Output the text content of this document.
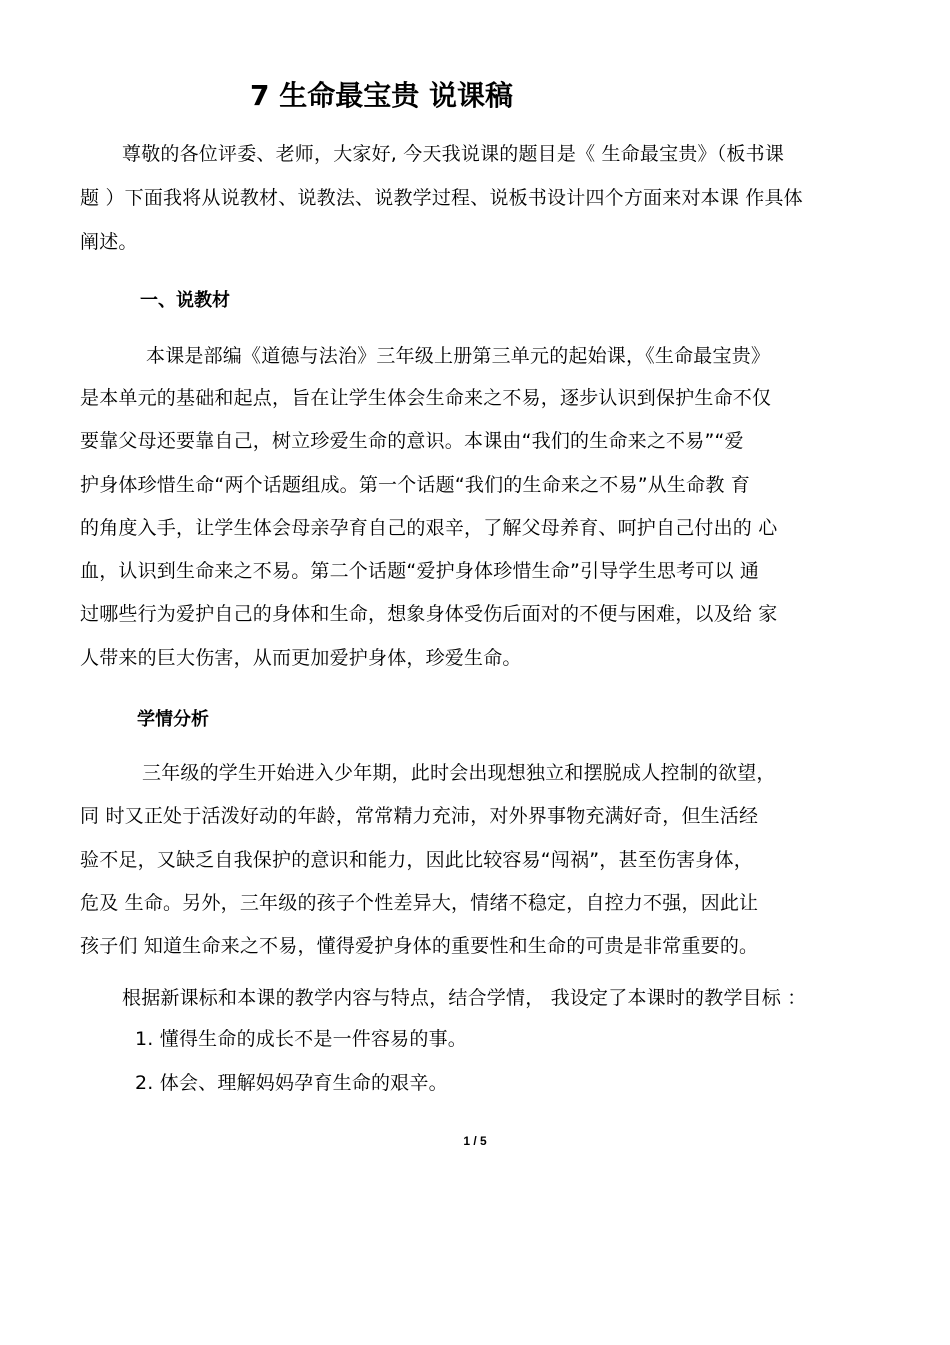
7 生命最宝贵 说课稿
尊敬的各位评委、老师，大家好, 今天我说课的题目是《 生命最宝贵》（板书课
题 ）下面我将从说教材、说教法、说教学过程、说板书设计四个方面来对本课 作具体
阐述。
一、说教材
本课是部编《道德与法治》三年级上册第三单元的起始课，《生命最宝贵》
是本单元的基础和起点，旨在让学生体会生命来之不易，逐步认识到保护生命不仅
要靠父母还要靠自己，树立珍爱生命的意识。本课由“我们的生命来之不易”“爱
护身体珍惜生命“两个话题组成。第一个话题“我们的生命来之不易”从生命教 育
的角度入手，让学生体会母亲孕育自己的艰辛，了解父母养育、呵护自己付出的 心
血，认识到生命来之不易。第二个话题“爱护身体珍惜生命”引导学生思考可以 通
过哪些行为爱护自己的身体和生命，想象身体受伤后面对的不便与困难，以及给 家
人带来的巨大伤害，从而更加爱护身体，珍爱生命。
学情分析
三年级的学生开始进入少年期，此时会出现想独立和摆脱成人控制的欲望，
同 时又正处于活泼好动的年龄，常常精力充沛，对外界事物充满好奇，但生活经
验不足，又缺乏自我保护的意识和能力，因此比较容易“闯祸”，甚至伤害身体，
危及 生命。另外，三年级的孩子个性差异大，情绪不稳定，自控力不强，因此让
孩子们 知道生命来之不易，懂得爱护身体的重要性和生命的可贵是非常重要的。
根据新课标和本课的教学内容与特点，结合学情， 我设定了本课时的教学目标 ：
1. 懂得生命的成长不是一件容易的事。
2. 体会、理解妈妈孕育生命的艰辛。
1 / 5
